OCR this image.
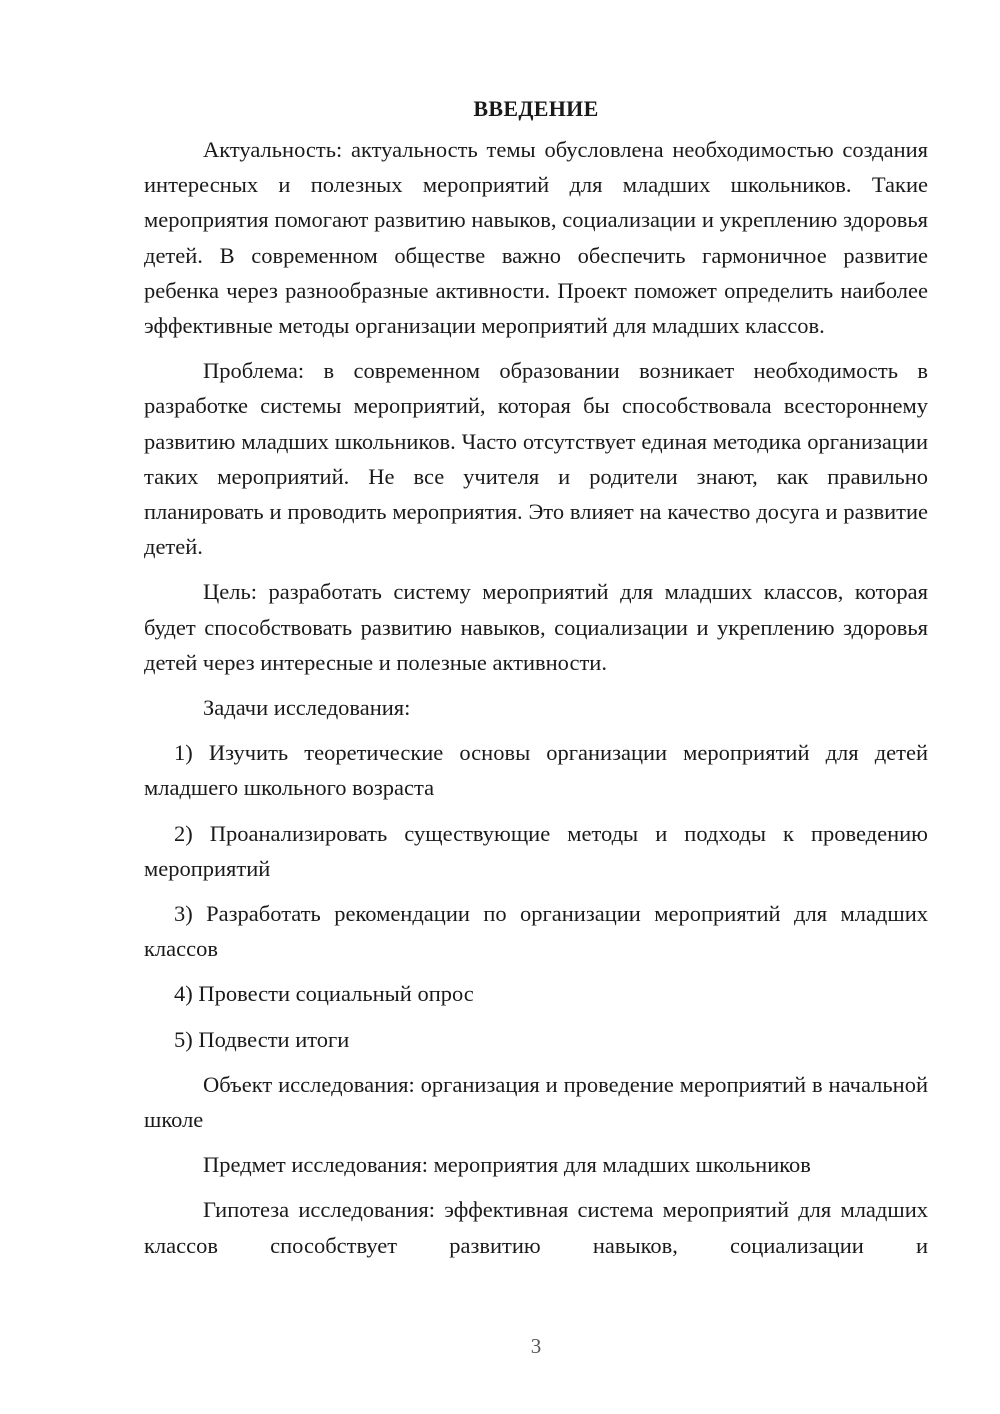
ВВЕДЕНИЕ

Актуальность: актуальность темы обусловлена необходимостью создания интересных и полезных мероприятий для младших школьников. Такие мероприятия помогают развитию навыков, социализации и укреплению здоровья детей. В современном обществе важно обеспечить гармоничное развитие ребенка через разнообразные активности. Проект поможет определить наиболее эффективные методы организации мероприятий для младших классов.

Проблема: в современном образовании возникает необходимость в разработке системы мероприятий, которая бы способствовала всестороннему развитию младших школьников. Часто отсутствует единая методика организации таких мероприятий. Не все учителя и родители знают, как правильно планировать и проводить мероприятия. Это влияет на качество досуга и развитие детей.

Цель: разработать систему мероприятий для младших классов, которая будет способствовать развитию навыков, социализации и укреплению здоровья детей через интересные и полезные активности.

Задачи исследования:

1) Изучить теоретические основы организации мероприятий для детей младшего школьного возраста

2) Проанализировать существующие методы и подходы к проведению мероприятий

3) Разработать рекомендации по организации мероприятий для младших классов

4) Провести социальный опрос

5) Подвести итоги

Объект исследования: организация и проведение мероприятий в начальной школе

Предмет исследования: мероприятия для младших школьников

Гипотеза исследования: эффективная система мероприятий для младших классов способствует развитию навыков, социализации и

3
